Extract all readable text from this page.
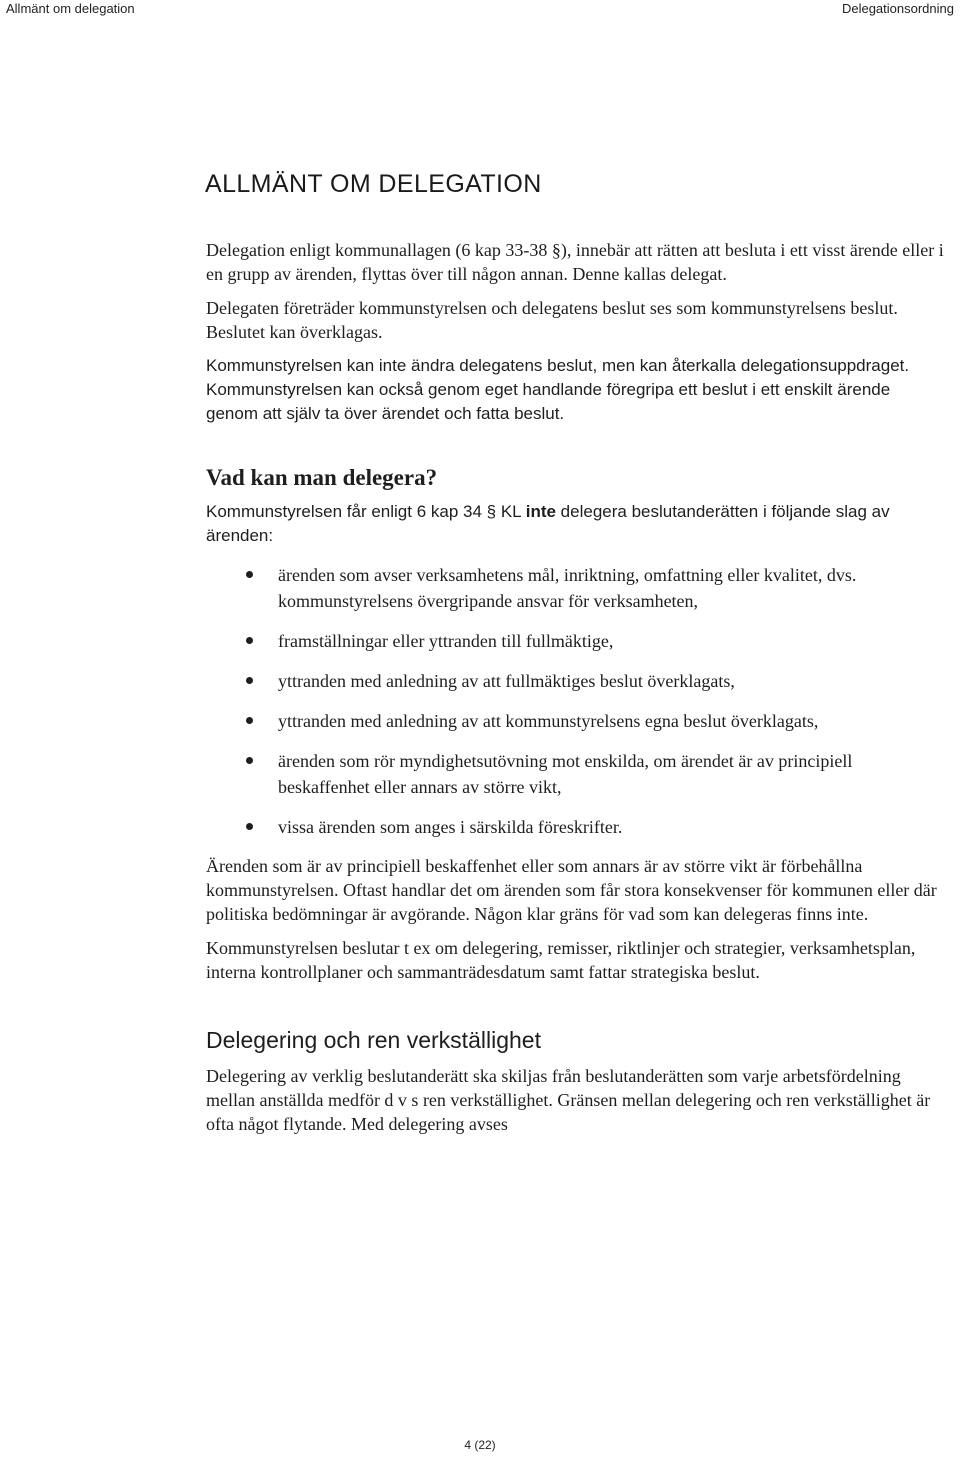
Allmänt om delegation	Delegationsordning
ALLMÄNT OM DELEGATION

Delegation enligt kommunallagen (6 kap 33-38 §), innebär att rätten att besluta i ett visst ärende eller i en grupp av ärenden, flyttas över till någon annan. Denne kallas delegat.

Delegaten företräder kommunstyrelsen och delegatens beslut ses som kommunstyrelsens beslut. Beslutet kan överklagas.

Kommunstyrelsen kan inte ändra delegatens beslut, men kan återkalla delegationsuppdraget. Kommunstyrelsen kan också genom eget handlande föregripa ett beslut i ett enskilt ärende genom att själv ta över ärendet och fatta beslut.

Vad kan man delegera?

Kommunstyrelsen får enligt 6 kap 34 § KL inte delegera beslutanderätten i följande slag av ärenden:

ärenden som avser verksamhetens mål, inriktning, omfattning eller kvalitet, dvs. kommunstyrelsens övergripande ansvar för verksamheten,
framställningar eller yttranden till fullmäktige,
yttranden med anledning av att fullmäktiges beslut överklagats,
yttranden med anledning av att kommunstyrelsens egna beslut överklagats,
ärenden som rör myndighetsutövning mot enskilda, om ärendet är av principiell beskaffenhet eller annars av större vikt,
vissa ärenden som anges i särskilda föreskrifter.

Ärenden som är av principiell beskaffenhet eller som annars är av större vikt är förbehållna kommunstyrelsen. Oftast handlar det om ärenden som får stora konsekvenser för kommunen eller där politiska bedömningar är avgörande. Någon klar gräns för vad som kan delegeras finns inte.

Kommunstyrelsen beslutar t ex om delegering, remisser, riktlinjer och strategier, verksamhetsplan, interna kontrollplaner och sammanträdesdatum samt fattar strategiska beslut.

Delegering och ren verkställighet

Delegering av verklig beslutanderätt ska skiljas från beslutanderätten som varje arbetsfördelning mellan anställda medför d v s ren verkställighet. Gränsen mellan delegering och ren verkställighet är ofta något flytande. Med delegering avses

4 (22)
